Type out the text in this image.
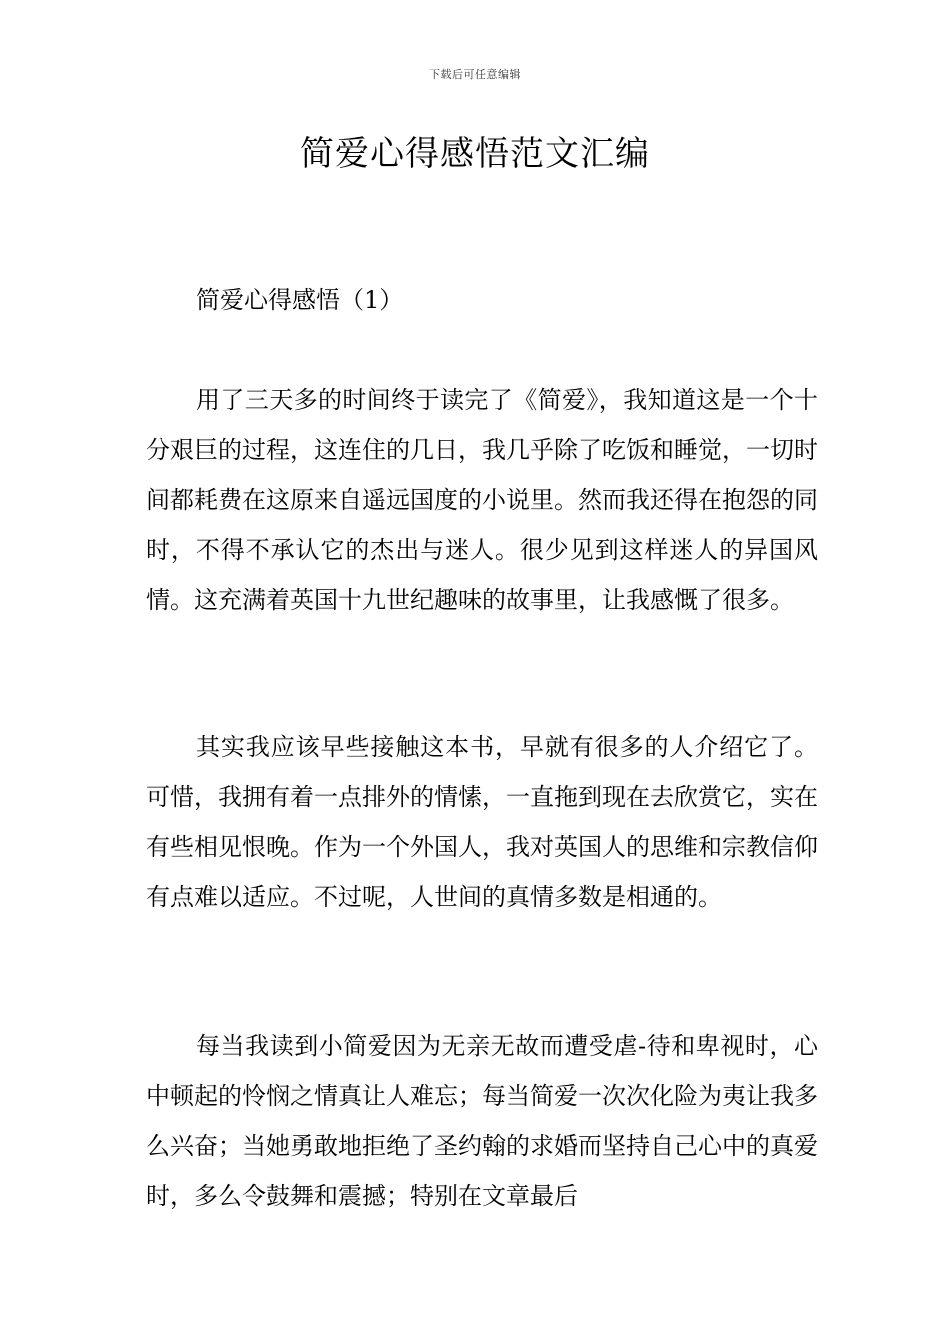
下载后可任意编辑
简爱心得感悟范文汇编
简爱心得感悟（1）

用了三天多的时间终于读完了《简爱》，我知道这是一个十分艰巨的过程，这连住的几日，我几乎除了吃饭和睡觉，一切时间都耗费在这原来自遥远国度的小说里。然而我还得在抱怨的同时，不得不承认它的杰出与迷人。很少见到这样迷人的异国风情。这充满着英国十九世纪趣味的故事里，让我感慨了很多。

其实我应该早些接触这本书，早就有很多的人介绍它了。可惜，我拥有着一点排外的情愫，一直拖到现在去欣赏它，实在有些相见恨晚。作为一个外国人，我对英国人的思维和宗教信仰有点难以适应。不过呢，人世间的真情多数是相通的。

每当我读到小简爱因为无亲无故而遭受虐-待和卑视时，心中顿起的怜悯之情真让人难忘；每当简爱一次次化险为夷让我多么兴奋；当她勇敢地拒绝了圣约翰的求婚而坚持自己心中的真爱时，多么令鼓舞和震撼；特别在文章最后
